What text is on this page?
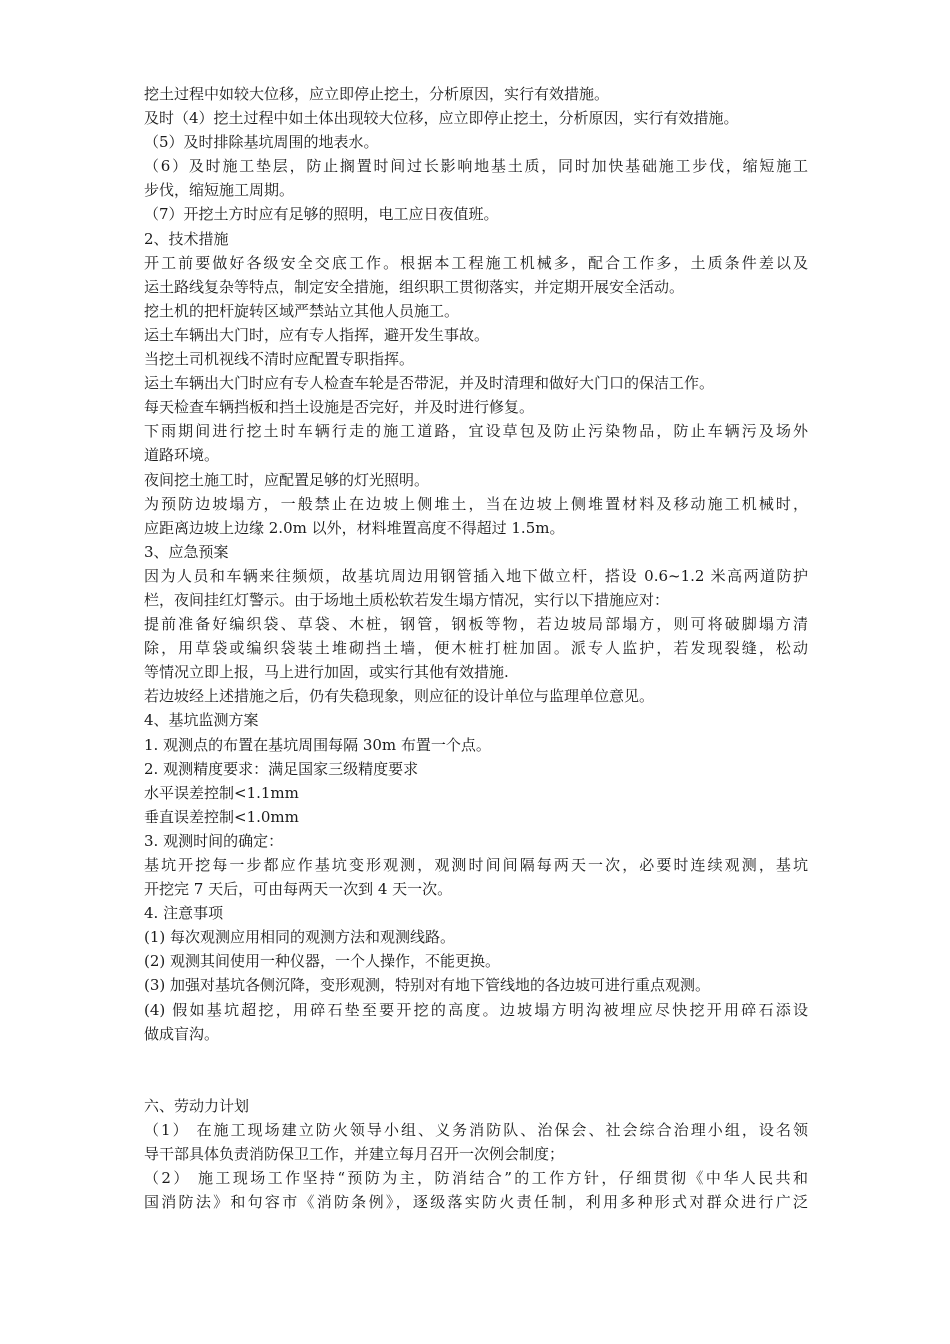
挖土过程中如较大位移，应立即停止挖土，分析原因，实行有效措施。
及时（4）挖土过程中如土体出现较大位移，应立即停止挖土，分析原因，实行有效措施。
（5）及时排除基坑周围的地表水。
（6）及时施工垫层，防止搁置时间过长影响地基土质，同时加快基础施工步伐，缩短施工
步伐，缩短施工周期。
（7）开挖土方时应有足够的照明，电工应日夜值班。
2、技术措施
开工前要做好各级安全交底工作。根据本工程施工机械多，配合工作多，土质条件差以及
运土路线复杂等特点，制定安全措施，组织职工贯彻落实，并定期开展安全活动。
挖土机的把杆旋转区域严禁站立其他人员施工。
运土车辆出大门时，应有专人指挥，避开发生事故。
当挖土司机视线不清时应配置专职指挥。
运土车辆出大门时应有专人检查车轮是否带泥，并及时清理和做好大门口的保洁工作。
每天检查车辆挡板和挡土设施是否完好，并及时进行修复。
下雨期间进行挖土时车辆行走的施工道路，宜设草包及防止污染物品，防止车辆污及场外
道路环境。
夜间挖土施工时，应配置足够的灯光照明。
为预防边坡塌方，一般禁止在边坡上侧堆土，当在边坡上侧堆置材料及移动施工机械时，
应距离边坡上边缘 2.0m 以外，材料堆置高度不得超过 1.5m。
3、应急预案
因为人员和车辆来往频烦，故基坑周边用钢管插入地下做立杆，搭设 0.6~1.2 米高两道防护
栏，夜间挂红灯警示。由于场地土质松软若发生塌方情况，实行以下措施应对：
提前准备好编织袋、草袋、木桩，钢管，钢板等物，若边坡局部塌方，则可将破脚塌方清
除，用草袋或编织袋装土堆砌挡土墙，便木桩打桩加固。派专人监护，若发现裂缝，松动
等情况立即上报，马上进行加固，或实行其他有效措施.
若边坡经上述措施之后，仍有失稳现象，则应征的设计单位与监理单位意见。
4、基坑监测方案
1. 观测点的布置在基坑周围每隔 30m 布置一个点。
2. 观测精度要求：满足国家三级精度要求
水平误差控制<1.1mm
垂直误差控制<1.0mm
3. 观测时间的确定：
基坑开挖每一步都应作基坑变形观测，观测时间间隔每两天一次，必要时连续观测，基坑
开挖完 7 天后，可由每两天一次到 4 天一次。
4. 注意事项
(1) 每次观测应用相同的观测方法和观测线路。
(2) 观测其间使用一种仪器，一个人操作，不能更换。
(3) 加强对基坑各侧沉降，变形观测，特别对有地下管线地的各边坡可进行重点观测。
(4) 假如基坑超挖，用碎石垫至要开挖的高度。边坡塌方明沟被埋应尽快挖开用碎石添设
做成盲沟。
六、劳动力计划
（1） 在施工现场建立防火领导小组、义务消防队、治保会、社会综合治理小组，设名领
导干部具体负责消防保卫工作，并建立每月召开一次例会制度；
（2） 施工现场工作坚持“预防为主，防消结合”的工作方针，仔细贯彻《中华人民共和
国消防法》和句容市《消防条例》，逐级落实防火责任制，利用多种形式对群众进行广泛
